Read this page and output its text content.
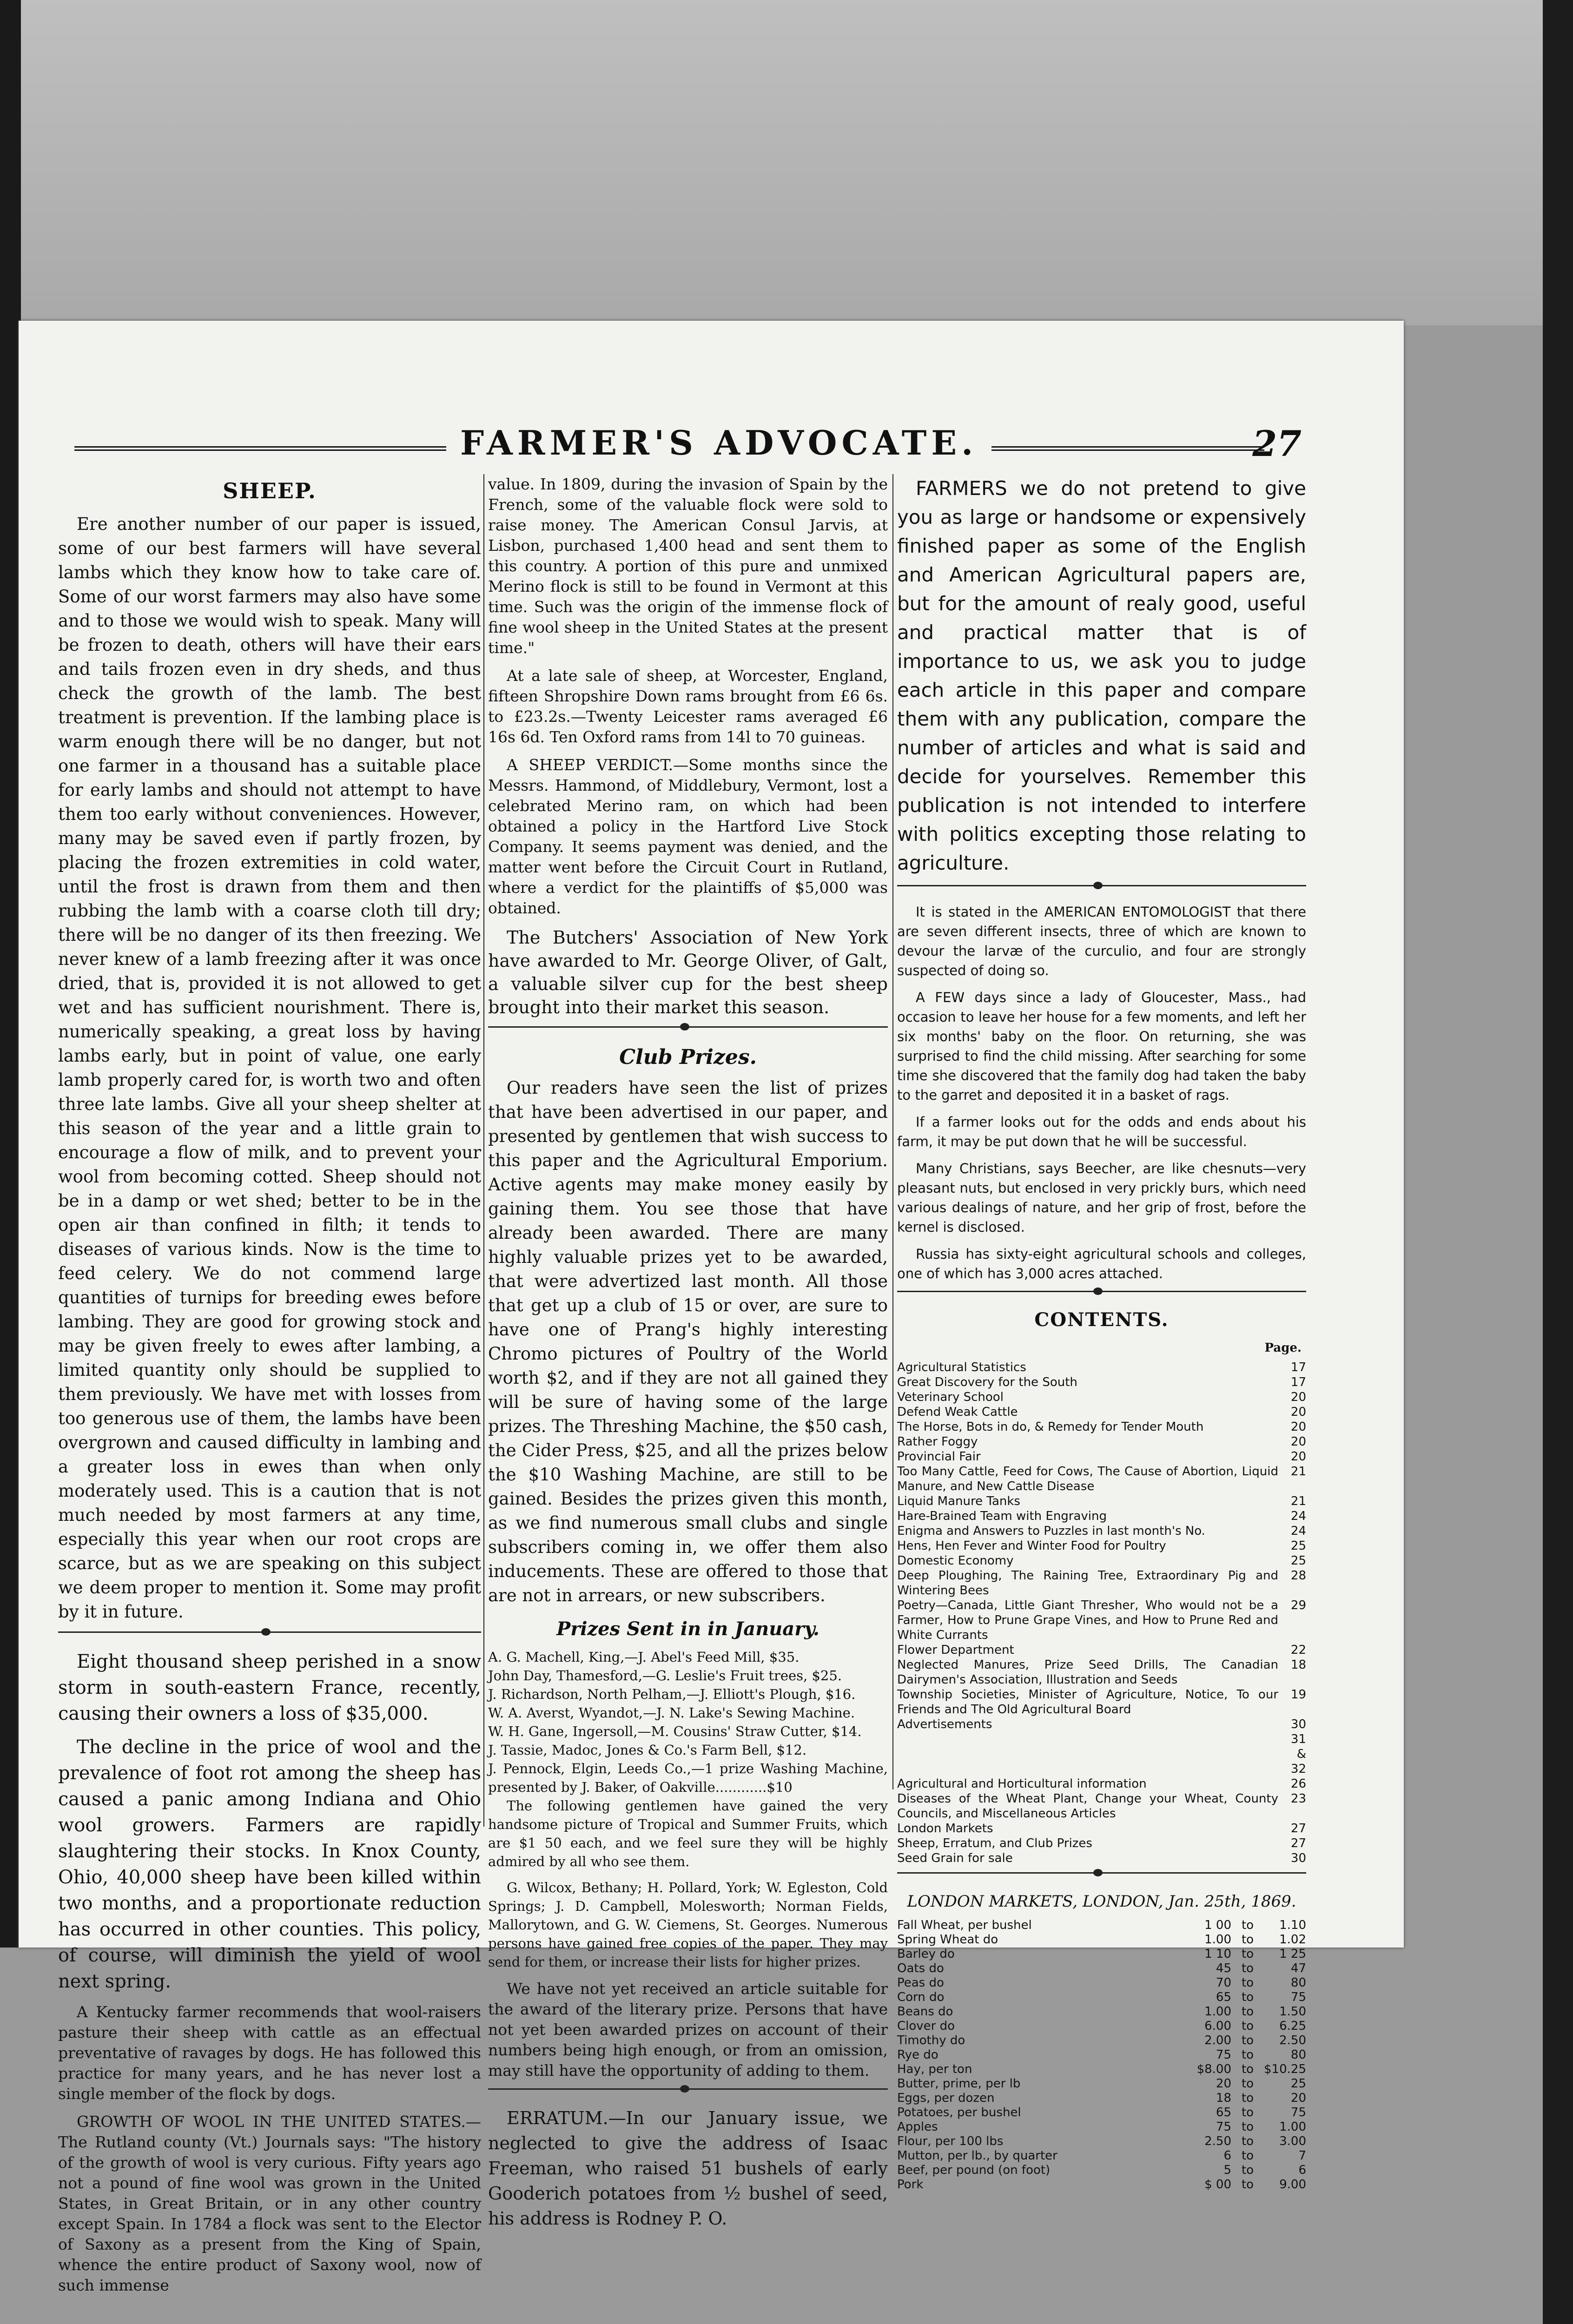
FARMER'S ADVOCATE.	27
SHEEP.

Ere another number of our paper is issued, some of our best farmers will have several lambs which they know how to take care of. Some of our worst farmers may also have some and to those we would wish to speak. Many will be frozen to death, others will have their ears and tails frozen even in dry sheds, and thus check the growth of the lamb. The best treatment is prevention. If the lambing place is warm enough there will be no danger, but not one farmer in a thousand has a suitable place for early lambs and should not attempt to have them too early without conveniences. However, many may be saved even if partly frozen, by placing the frozen extremities in cold water, until the frost is drawn from them and then rubbing the lamb with a coarse cloth till dry; there will be no danger of its then freezing. We never knew of a lamb freezing after it was once dried, that is, provided it is not allowed to get wet and has sufficient nourishment. There is, numerically speaking, a great loss by having lambs early, but in point of value, one early lamb properly cared for, is worth two and often three late lambs. Give all your sheep shelter at this season of the year and a little grain to encourage a flow of milk, and to prevent your wool from becoming cotted. Sheep should not be in a damp or wet shed; better to be in the open air than confined in filth; it tends to diseases of various kinds. Now is the time to feed celery. We do not commend large quantities of turnips for breeding ewes before lambing. They are good for growing stock and may be given freely to ewes after lambing, a limited quantity only should be supplied to them previously. We have met with losses from too generous use of them, the lambs have been overgrown and caused difficulty in lambing and a greater loss in ewes than when only moderately used. This is a caution that is not much needed by most farmers at any time, especially this year when our root crops are scarce, but as we are speaking on this subject we deem proper to mention it. Some may profit by it in future.

Eight thousand sheep perished in a snow storm in south-eastern France, recently, causing their owners a loss of $35,000.

The decline in the price of wool and the prevalence of foot rot among the sheep has caused a panic among Indiana and Ohio wool growers. Farmers are rapidly slaughtering their stocks. In Knox County, Ohio, 40,000 sheep have been killed within two months, and a proportionate reduction has occurred in other counties. This policy, of course, will diminish the yield of wool next spring.

A Kentucky farmer recommends that wool-raisers pasture their sheep with cattle as an effectual preventative of ravages by dogs. He has followed this practice for many years, and he has never lost a single member of the flock by dogs.

GROWTH OF WOOL IN THE UNITED STATES.— The Rutland county (Vt.) Journals says: "The history of the growth of wool is very curious. Fifty years ago not a pound of fine wool was grown in the United States, in Great Britain, or in any other country except Spain. In 1784 a flock was sent to the Elector of Saxony as a present from the King of Spain, whence the entire product of Saxony wool, now of such immense

value. In 1809, during the invasion of Spain by the French, some of the valuable flock were sold to raise money. The American Consul Jarvis, at Lisbon, purchased 1,400 head and sent them to this country. A portion of this pure and unmixed Merino flock is still to be found in Vermont at this time. Such was the origin of the immense flock of fine wool sheep in the United States at the present time."

At a late sale of sheep, at Worcester, England, fifteen Shropshire Down rams brought from £6 6s. to £23.2s.—Twenty Leicester rams averaged £6 16s 6d. Ten Oxford rams from 14l to 70 guineas.

A SHEEP VERDICT.—Some months since the Messrs. Hammond, of Middlebury, Vermont, lost a celebrated Merino ram, on which had been obtained a policy in the Hartford Live Stock Company. It seems payment was denied, and the matter went before the Circuit Court in Rutland, where a verdict for the plaintiffs of $5,000 was obtained.

The Butchers' Association of New York have awarded to Mr. George Oliver, of Galt, a valuable silver cup for the best sheep brought into their market this season.

Club Prizes.

Our readers have seen the list of prizes that have been advertised in our paper, and presented by gentlemen that wish success to this paper and the Agricultural Emporium. Active agents may make money easily by gaining them. You see those that have already been awarded. There are many highly valuable prizes yet to be awarded, that were advertized last month. All those that get up a club of 15 or over, are sure to have one of Prang's highly interesting Chromo pictures of Poultry of the World worth $2, and if they are not all gained they will be sure of having some of the large prizes. The Threshing Machine, the $50 cash, the Cider Press, $25, and all the prizes below the $10 Washing Machine, are still to be gained. Besides the prizes given this month, as we find numerous small clubs and single subscribers coming in, we offer them also inducements. These are offered to those that are not in arrears, or new subscribers.

Prizes Sent in in January.
A. G. Machell, King,—J. Abel's Feed Mill, $35.
John Day, Thamesford,—G. Leslie's Fruit trees, $25.
J. Richardson, North Pelham,—J. Elliott's Plough, $16.
W. A. Averst, Wyandot,—J. N. Lake's Sewing Machine.
W. H. Gane, Ingersoll,—M. Cousins' Straw Cutter, $14.
J. Tassie, Madoc, Jones & Co.'s Farm Bell, $12.
J. Pennock, Elgin, Leeds Co.,—1 prize Washing Machine, presented by J. Baker, of Oakville............$10

The following gentlemen have gained the very handsome picture of Tropical and Summer Fruits, which are $1 50 each, and we feel sure they will be highly admired by all who see them.

G. Wilcox, Bethany; H. Pollard, York; W. Egleston, Cold Springs; J. D. Campbell, Molesworth; Norman Fields, Mallorytown, and G. W. Ciemens, St. Georges. Numerous persons have gained free copies of the paper. They may send for them, or increase their lists for higher prizes.

We have not yet received an article suitable for the award of the literary prize. Persons that have not yet been awarded prizes on account of their numbers being high enough, or from an omission, may still have the opportunity of adding to them.

ERRATUM.—In our January issue, we neglected to give the address of Isaac Freeman, who raised 51 bushels of early Gooderich potatoes from ½ bushel of seed, his address is Rodney P. O.

FARMERS we do not pretend to give you as large or handsome or expensively finished paper as some of the English and American Agricultural papers are, but for the amount of realy good, useful and practical matter that is of importance to us, we ask you to judge each article in this paper and compare them with any publication, compare the number of articles and what is said and decide for yourselves. Remember this publication is not intended to interfere with politics excepting those relating to agriculture.

It is stated in the AMERICAN ENTOMOLOGIST that there are seven different insects, three of which are known to devour the larvæ of the curculio, and four are strongly suspected of doing so.

A FEW days since a lady of Gloucester, Mass., had occasion to leave her house for a few moments, and left her six months' baby on the floor. On returning, she was surprised to find the child missing. After searching for some time she discovered that the family dog had taken the baby to the garret and deposited it in a basket of rags.

If a farmer looks out for the odds and ends about his farm, it may be put down that he will be successful.

Many Christians, says Beecher, are like chesnuts—very pleasant nuts, but enclosed in very prickly burs, which need various dealings of nature, and her grip of frost, before the kernel is disclosed.

Russia has sixty-eight agricultural schools and colleges, one of which has 3,000 acres attached.

CONTENTS.
Page.
Agricultural Statistics	17
Great Discovery for the South	17
Veterinary School	20
Defend Weak Cattle	20
The Horse, Bots in do, & Remedy for Tender Mouth	20
Rather Foggy	20
Provincial Fair	20
Too Many Cattle, Feed for Cows, The Cause of Abortion, Liquid Manure, and New Cattle Disease	21
Liquid Manure Tanks	21
Hare-Brained Team with Engraving	24
Enigma and Answers to Puzzles in last month's No.	24
Hens, Hen Fever and Winter Food for Poultry	25
Domestic Economy	25
Deep Ploughing, The Raining Tree, Extraordinary Pig and Wintering Bees	28
Poetry—Canada, Little Giant Thresher, Who would not be a Farmer, How to Prune Grape Vines, and How to Prune Red and White Currants	29
Flower Department	22
Neglected Manures, Prize Seed Drills, The Canadian Dairymen's Association, Illustration and Seeds	18
Township Societies, Minister of Agriculture, Notice, To our Friends and The Old Agricultural Board	19
Advertisements	30 31 & 32
Agricultural and Horticultural information	26
Diseases of the Wheat Plant, Change your Wheat, County Councils, and Miscellaneous Articles	23
London Markets	27
Sheep, Erratum, and Club Prizes	27
Seed Grain for sale	30
LONDON MARKETS, LONDON, Jan. 25th, 1869.
Fall Wheat, per bushel	1 00	to	1.10
Spring Wheat do	1.00	to	1.02
Barley do	1 10	to	1 25
Oats do	45	to	47
Peas do	70	to	80
Corn do	65	to	75
Beans do	1.00	to	1.50
Clover do	6.00	to	6.25
Timothy do	2.00	to	2.50
Rye do	75	to	80
Hay, per ton	$8.00	to	$10.25
Butter, prime, per lb	20	to	25
Eggs, per dozen	18	to	20
Potatoes, per bushel	65	to	75
Apples	75	to	1.00
Flour, per 100 lbs	2.50	to	3.00
Mutton, per lb., by quarter	6	to	7
Beef, per pound (on foot)	5	to	6
Pork	$ 00	to	9.00
